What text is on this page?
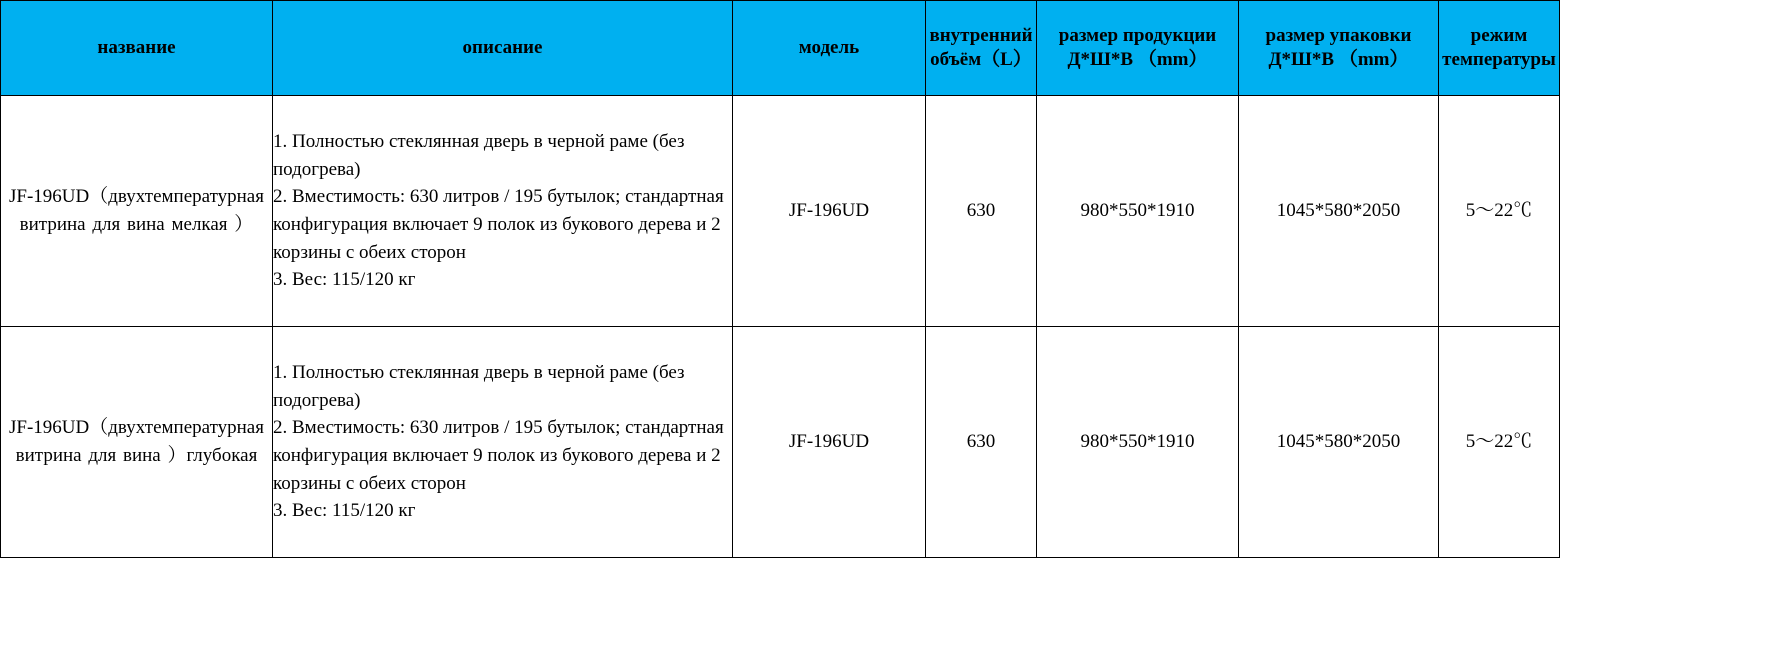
название	описание	модель	внутренний объём（L）	размер продукции Д*Ш*В （mm）	размер упаковки Д*Ш*В （mm）	режим температуры

JF-196UD（двухтемпературная витрина для вина мелкая ）	1. Полностью стеклянная дверь в черной раме (без подогрева)
2. Вместимость: 630 литров / 195 бутылок; стандартная конфигурация включает 9 полок из букового дерева и 2 корзины с обеих сторон
3. Вес: 115/120 кг	JF-196UD	630	980*550*1910	1045*580*2050	5～22℃

JF-196UD（двухтемпературная витрина для вина ）глубокая	1. Полностью стеклянная дверь в черной раме (без подогрева)
2. Вместимость: 630 литров / 195 бутылок; стандартная конфигурация включает 9 полок из букового дерева и 2 корзины с обеих сторон
3. Вес: 115/120 кг	JF-196UD	630	980*550*1910	1045*580*2050	5～22℃
